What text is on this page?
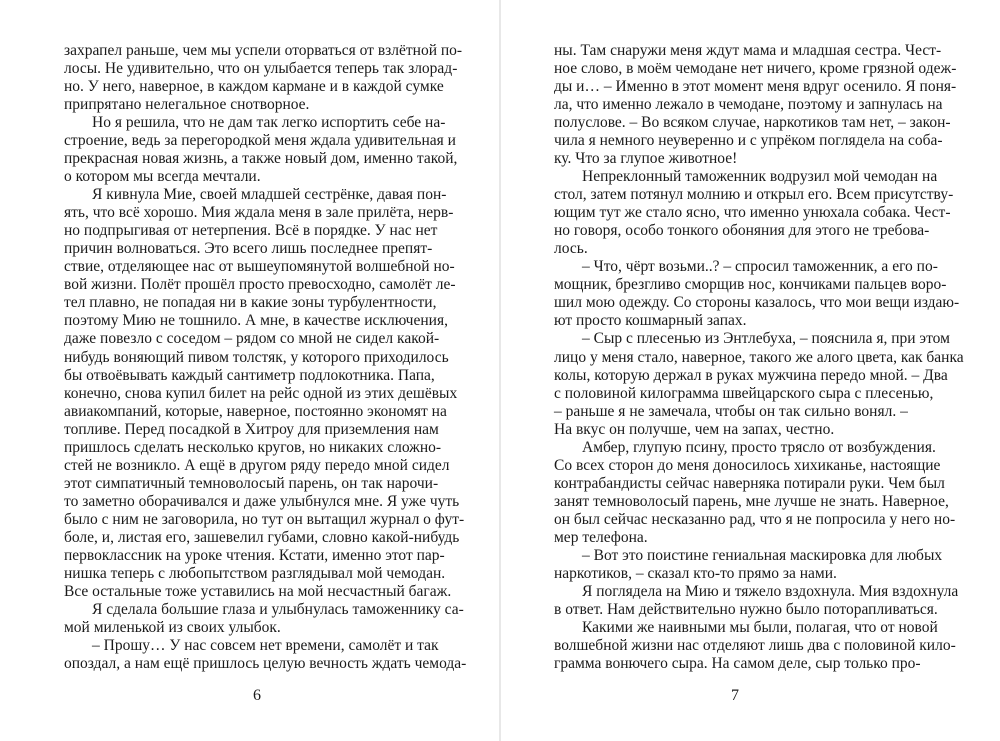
захрапел раньше, чем мы успели оторваться от взлётной по-
лосы. Не удивительно, что он улыбается теперь так злорад-
но. У него, наверное, в каждом кармане и в каждой сумке
припрятано нелегальное снотворное.
Но я решила, что не дам так легко испортить себе на-
строение, ведь за перегородкой меня ждала удивительная и
прекрасная новая жизнь, а также новый дом, именно такой,
о котором мы всегда мечтали.
Я кивнула Мие, своей младшей сестрёнке, давая пон-
ять, что всё хорошо. Мия ждала меня в зале прилёта, нерв-
но подпрыгивая от нетерпения. Всё в порядке. У нас нет
причин волноваться. Это всего лишь последнее препят-
ствие, отделяющее нас от вышеупомянутой волшебной но-
вой жизни. Полёт прошёл просто превосходно, самолёт ле-
тел плавно, не попадая ни в какие зоны турбулентности,
поэтому Мию не тошнило. А мне, в качестве исключения,
даже повезло с соседом – рядом со мной не сидел какой-
нибудь воняющий пивом толстяк, у которого приходилось
бы отвоёвывать каждый сантиметр подлокотника. Папа,
конечно, снова купил билет на рейс одной из этих дешёвых
авиакомпаний, которые, наверное, постоянно экономят на
топливе. Перед посадкой в Хитроу для приземления нам
пришлось сделать несколько кругов, но никаких сложно-
стей не возникло. А ещё в другом ряду передо мной сидел
этот симпатичный темноволосый парень, он так нарочи-
то заметно оборачивался и даже улыбнулся мне. Я уже чуть
было с ним не заговорила, но тут он вытащил журнал о фут-
боле, и, листая его, зашевелил губами, словно какой-нибудь
первоклассник на уроке чтения. Кстати, именно этот пар-
нишка теперь с любопытством разглядывал мой чемодан.
Все остальные тоже уставились на мой несчастный багаж.
Я сделала большие глаза и улыбнулась таможеннику са-
мой миленькой из своих улыбок.
– Прошу… У нас совсем нет времени, самолёт и так
опоздал, а нам ещё пришлось целую вечность ждать чемода-
6
ны. Там снаружи меня ждут мама и младшая сестра. Чест-
ное слово, в моём чемодане нет ничего, кроме грязной одеж-
ды и… – Именно в этот момент меня вдруг осенило. Я поня-
ла, что именно лежало в чемодане, поэтому и запнулась на
полуслове. – Во всяком случае, наркотиков там нет, – закон-
чила я немного неуверенно и с упрёком поглядела на соба-
ку. Что за глупое животное!
Непреклонный таможенник водрузил мой чемодан на
стол, затем потянул молнию и открыл его. Всем присутству-
ющим тут же стало ясно, что именно унюхала собака. Чест-
но говоря, особо тонкого обоняния для этого не требова-
лось.
– Что, чёрт возьми..? – спросил таможенник, а его по-
мощник, брезгливо сморщив нос, кончиками пальцев воро-
шил мою одежду. Со стороны казалось, что мои вещи издаю-
ют просто кошмарный запах.
– Сыр с плесенью из Энтлебуха, – пояснила я, при этом
лицо у меня стало, наверное, такого же алого цвета, как банка
колы, которую держал в руках мужчина передо мной. – Два
с половиной килограмма швейцарского сыра с плесенью,
– раньше я не замечала, чтобы он так сильно вонял. –
На вкус он получше, чем на запах, честно.
Амбер, глупую псину, просто трясло от возбуждения.
Со всех сторон до меня доносилось хихиканье, настоящие
контрабандисты сейчас наверняка потирали руки. Чем был
занят темноволосый парень, мне лучше не знать. Наверное,
он был сейчас несказанно рад, что я не попросила у него но-
мер телефона.
– Вот это поистине гениальная маскировка для любых
наркотиков, – сказал кто-то прямо за нами.
Я поглядела на Мию и тяжело вздохнула. Мия вздохнула
в ответ. Нам действительно нужно было поторапливаться.
Какими же наивными мы были, полагая, что от новой
волшебной жизни нас отделяют лишь два с половиной кило-
грамма вонючего сыра. На самом деле, сыр только про-
7
